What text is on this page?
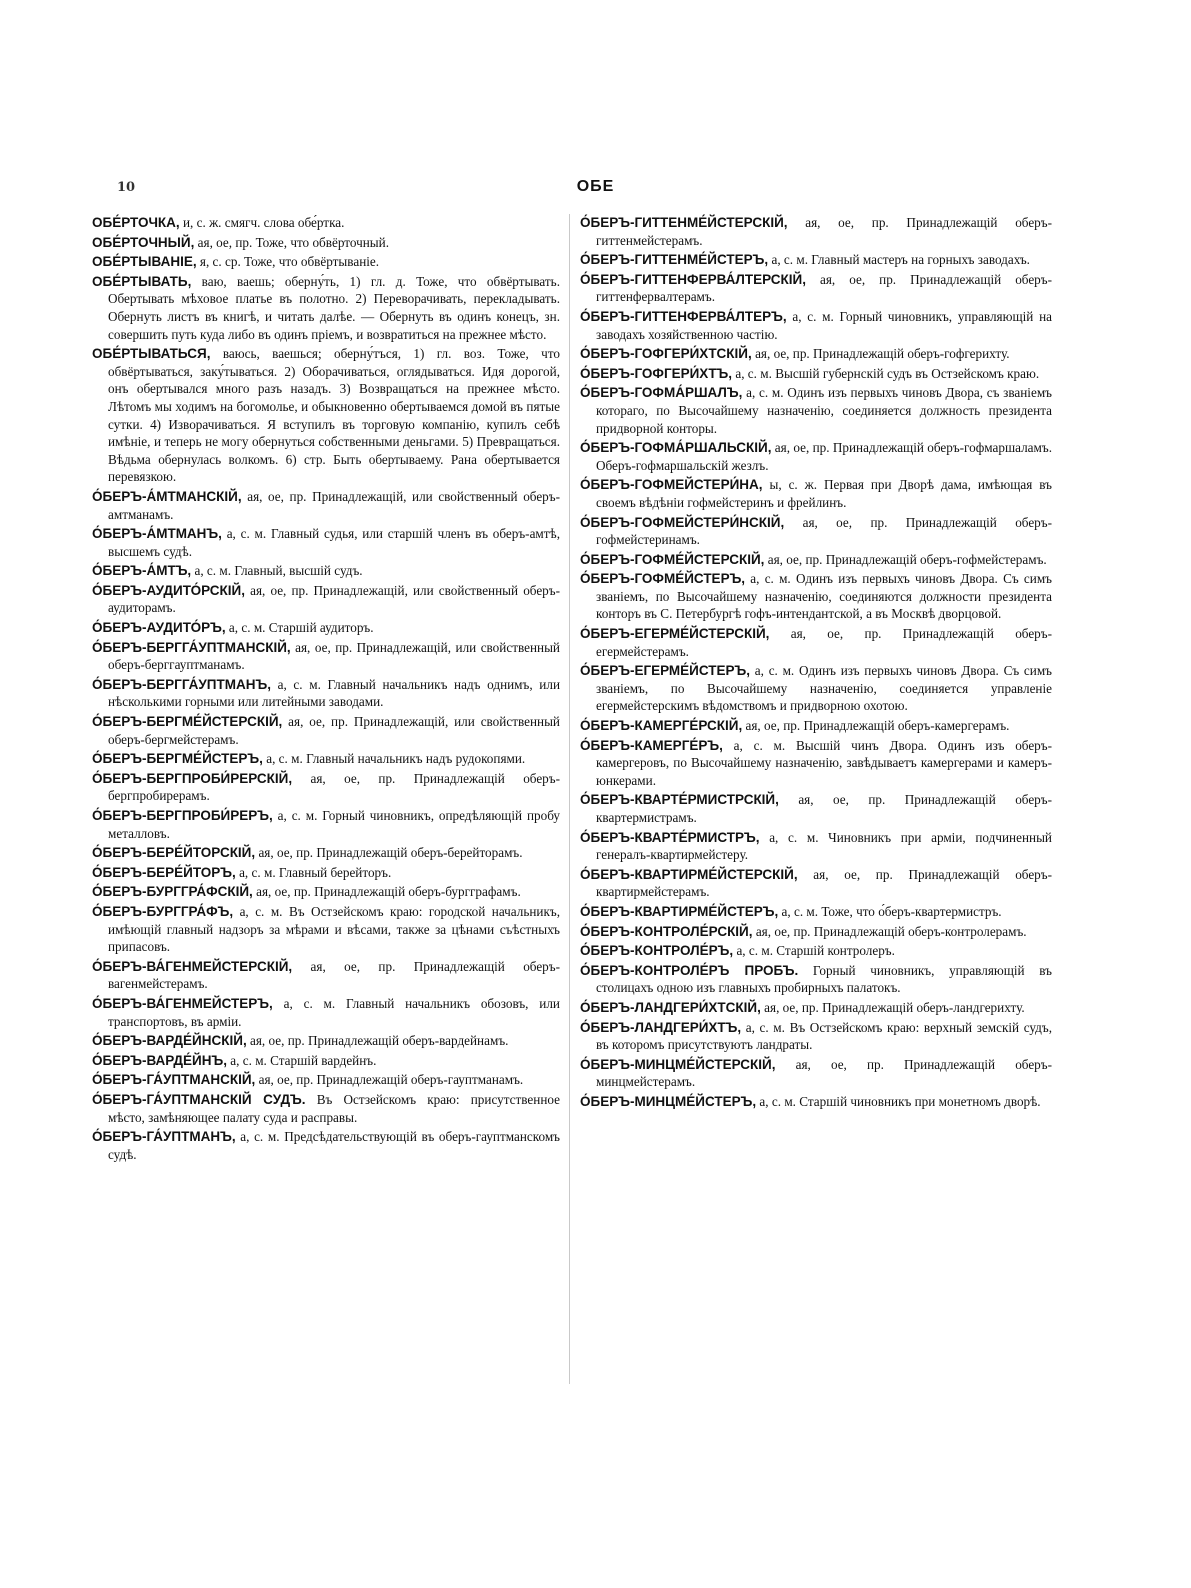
10	ОБЕ

ОБЕ́РТОЧКА, и, с. ж. смягч. слова обе́ртка.

ОБЕ́РТОЧНЫЙ, ая, ое, пр. Тоже, что обвёрточный.

ОБЕ́РТЫВАНІЕ, я, с. ср. Тоже, что обвёртываніе.

ОБЕ́РТЫВАТЬ, ваю, ваешь; оберну́ть, 1) гл. д. Тоже, что обвёртывать. Обертывать мѣховое платье въ полотно. 2) Переворачивать, перекладывать. Обернуть листъ въ книгѣ, и читать далѣе. — Обернуть въ одинъ конецъ, зн. совершить путь куда либо въ одинъ пріемъ, и возвратиться на прежнее мѣсто.

ОБЕ́РТЫВАТЬСЯ, ваюсь, ваешься; оберну́тъся, 1) гл. воз. Тоже, что обвёртываться, заку́тываться. 2) Оборачиваться, оглядываться. Идя дорогой, онъ обертывался много разъ назадъ. 3) Возвращаться на прежнее мѣсто. Лѣтомъ мы ходимъ на богомолье, и обыкновенно обертываемся домой въ пятые сутки. 4) Изворачиваться. Я вступилъ въ торговую компанію, купилъ себѣ имѣніе, и теперь не могу обернуться собственными деньгами. 5) Превращаться. Вѣдьма обернулась волкомъ. 6) стр. Быть обертываему. Рана обертывается перевязкою.

О́БЕРЪ-А́МТМАНСКІЙ, ая, ое, пр. Принадлежащій, или свойственный оберъ-амтманамъ.

О́БЕРЪ-А́МТМАНЪ, а, с. м. Главный судья, или старшій членъ въ оберъ-амтѣ, высшемъ судѣ.

О́БЕРЪ-А́МТЪ, а, с. м. Главный, высшій судъ.

О́БЕРЪ-АУДИТО́РСКІЙ, ая, ое, пр. Принадлежащій, или свойственный оберъ-аудиторамъ.

О́БЕРЪ-АУДИТО́РЪ, а, с. м. Старшій аудиторъ.

О́БЕРЪ-БЕРГГА́УПТМАНСКІЙ, ая, ое, пр. Принадлежащій, или свойственный оберъ-берггауптманамъ.

О́БЕРЪ-БЕРГГА́УПТМАНЪ, а, с. м. Главный начальникъ надъ однимъ, или нѣсколькими горными или литейными заводами.

О́БЕРЪ-БЕРГМЕ́ЙСТЕРСКІЙ, ая, ое, пр. Принадлежащій, или свойственный оберъ-бергмейстерамъ.

О́БЕРЪ-БЕРГМЕ́ЙСТЕРЪ, а, с. м. Главный начальникъ надъ рудокопями.

О́БЕРЪ-БЕРГПРОБИ́РЕРСКІЙ, ая, ое, пр. Принадлежащій оберъ-бергпробирерамъ.

О́БЕРЪ-БЕРГПРОБИ́РЕРЪ, а, с. м. Горный чиновникъ, опредѣляющій пробу металловъ.

О́БЕРЪ-БЕРЕ́ЙТОРСКІЙ, ая, ое, пр. Принадлежащій оберъ-берейторамъ.

О́БЕРЪ-БЕРЕ́ЙТОРЪ, а, с. м. Главный берейторъ.

О́БЕРЪ-БУРГГРА́ФСКІЙ, ая, ое, пр. Принадлежащій оберъ-бургграфамъ.

О́БЕРЪ-БУРГГРА́ФЪ, а, с. м. Въ Остзейскомъ краю: городской начальникъ, имѣющій главный надзоръ за мѣрами и вѣсами, также за цѣнами съѣстныхъ припасовъ.

О́БЕРЪ-ВА́ГЕНМЕЙСТЕРСКІЙ, ая, ое, пр. Принадлежащій оберъ-вагенмейстерамъ.

О́БЕРЪ-ВА́ГЕНМЕЙСТЕРЪ, а, с. м. Главный начальникъ обозовъ, или транспортовъ, въ арміи.

О́БЕРЪ-ВАРДЕ́ЙНСКІЙ, ая, ое, пр. Принадлежащій оберъ-вардейнамъ.

О́БЕРЪ-ВАРДЕ́ЙНЪ, а, с. м. Старшій вардейнъ.

О́БЕРЪ-ГА́УПТМАНСКІЙ, ая, ое, пр. Принадлежащій оберъ-гауптманамъ.

О́БЕРЪ-ГА́УПТМАНСКІЙ СУДЪ. Въ Остзейскомъ краю: присутственное мѣсто, замѣняющее палату суда и расправы.

О́БЕРЪ-ГА́УПТМАНЪ, а, с. м. Предсѣдательствующій въ оберъ-гауптманскомъ судѣ.

О́БЕРЪ-ГИТТЕНМЕ́ЙСТЕРСКІЙ, ая, ое, пр. Принадлежащій оберъ-гиттенмейстерамъ.

О́БЕРЪ-ГИТТЕНМЕ́ЙСТЕРЪ, а, с. м. Главный мастеръ на горныхъ заводахъ.

О́БЕРЪ-ГИТТЕНФЕРВА́ЛТЕРСКІЙ, ая, ое, пр. Принадлежащій оберъ-гиттенфервалтерамъ.

О́БЕРЪ-ГИТТЕНФЕРВА́ЛТЕРЪ, а, с. м. Горный чиновникъ, управляющій на заводахъ хозяйственною частію.

О́БЕРЪ-ГОФГЕРИ́ХТСКІЙ, ая, ое, пр. Принадлежащій оберъ-гофгерихту.

О́БЕРЪ-ГОФГЕРИ́ХТЪ, а, с. м. Высшій губернскій судъ въ Остзейскомъ краю.

О́БЕРЪ-ГОФМА́РШАЛЪ, а, с. м. Одинъ изъ первыхъ чиновъ Двора, съ званіемъ котораго, по Высочайшему назначенію, соединяется должность президента придворной конторы.

О́БЕРЪ-ГОФМА́РШАЛЬСКІЙ, ая, ое, пр. Принадлежащій оберъ-гофмаршаламъ. Оберъ-гофмаршальскій жезлъ.

О́БЕРЪ-ГОФМЕЙСТЕРИ́НА, ы, с. ж. Первая при Дворѣ дама, имѣющая въ своемъ вѣдѣніи гофмейстеринъ и фрейлинъ.

О́БЕРЪ-ГОФМЕЙСТЕРИ́НСКІЙ, ая, ое, пр. Принадлежащій оберъ-гофмейстеринамъ.

О́БЕРЪ-ГОФМЕ́ЙСТЕРСКІЙ, ая, ое, пр. Принадлежащій оберъ-гофмейстерамъ.

О́БЕРЪ-ГОФМЕ́ЙСТЕРЪ, а, с. м. Одинъ изъ первыхъ чиновъ Двора. Съ симъ званіемъ, по Высочайшему назначенію, соединяются должности президента конторъ въ С. Петербургѣ гофъ-интендантской, а въ Москвѣ дворцовой.

О́БЕРЪ-ЕГЕРМЕ́ЙСТЕРСКІЙ, ая, ое, пр. Принадлежащій оберъ-егермейстерамъ.

О́БЕРЪ-ЕГЕРМЕ́ЙСТЕРЪ, а, с. м. Одинъ изъ первыхъ чиновъ Двора. Съ симъ званіемъ, по Высочайшему назначенію, соединяется управленіе егермейстерскимъ вѣдомствомъ и придворною охотою.

О́БЕРЪ-КАМЕРГЕ́РСКІЙ, ая, ое, пр. Принадлежащій оберъ-камергерамъ.

О́БЕРЪ-КАМЕРГЕ́РЪ, а, с. м. Высшій чинъ Двора. Одинъ изъ оберъ-камергеровъ, по Высочайшему назначенію, завѣдываетъ камергерами и камеръ-юнкерами.

О́БЕРЪ-КВАРТЕ́РМИСТРСКІЙ, ая, ое, пр. Принадлежащій оберъ-квартермистрамъ.

О́БЕРЪ-КВАРТЕ́РМИСТРЪ, а, с. м. Чиновникъ при арміи, подчиненный генералъ-квартирмейстеру.

О́БЕРЪ-КВАРТИРМЕ́ЙСТЕРСКІЙ, ая, ое, пр. Принадлежащій оберъ-квартирмейстерамъ.

О́БЕРЪ-КВАРТИРМЕ́ЙСТЕРЪ, а, с. м. Тоже, что о́беръ-квартермистръ.

О́БЕРЪ-КОНТРОЛЕ́РСКІЙ, ая, ое, пр. Принадлежащій оберъ-контролерамъ.

О́БЕРЪ-КОНТРОЛЕ́РЪ, а, с. м. Старшій контролеръ.

О́БЕРЪ-КОНТРОЛЕ́РЪ ПРОБЪ. Горный чиновникъ, управляющій въ столицахъ одною изъ главныхъ пробирныхъ палатокъ.

О́БЕРЪ-ЛАНДГЕРИ́ХТСКІЙ, ая, ое, пр. Принадлежащій оберъ-ландгерихту.

О́БЕРЪ-ЛАНДГЕРИ́ХТЪ, а, с. м. Въ Остзейскомъ краю: верхный земскій судъ, въ которомъ присутствуютъ ландраты.

О́БЕРЪ-МИНЦМЕ́ЙСТЕРСКІЙ, ая, ое, пр. Принадлежащій оберъ-минцмейстерамъ.

О́БЕРЪ-МИНЦМЕ́ЙСТЕРЪ, а, с. м. Старшій чиновникъ при монетномъ дворѣ.
